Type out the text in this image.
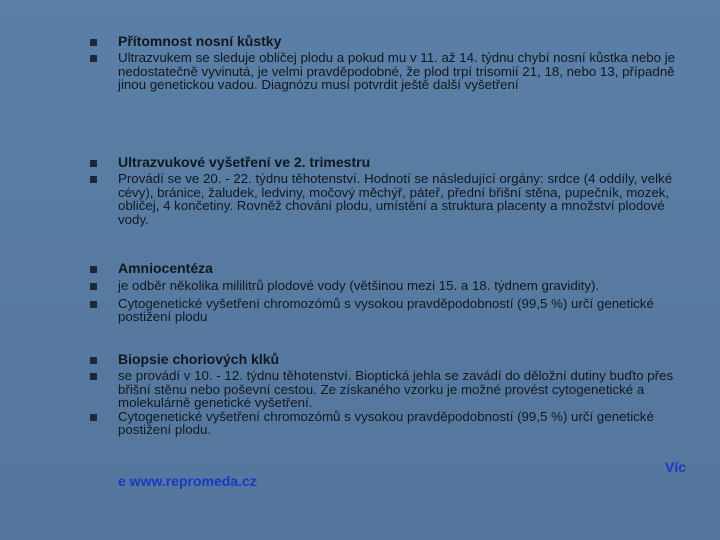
Přítomnost nosní kůstky

Ultrazvukem se sleduje obličej plodu a pokud mu v 11. až 14. týdnu chybí nosní kůstka nebo je nedostatečně vyvinutá, je velmi pravděpodobné, že plod trpí trisomií 21, 18, nebo 13, případně jinou genetickou vadou. Diagnózu musí potvrdit ještě další vyšetření

Ultrazvukové vyšetření ve 2. trimestru

Provádí se ve 20. - 22. týdnu těhotenství. Hodnotí se následující orgány: srdce (4 oddíly, velké cévy), bránice, žaludek, ledviny, močový měchýř, páteř, přední břišní stěna, pupečník, mozek, obličej, 4 končetiny. Rovněž chování plodu, umístění a struktura placenty a množství plodové vody.

Amniocentéza

je odběr několika mililitrů plodové vody (většinou mezi 15. a 18. týdnem gravidity).

Cytogenetické vyšetření chromozómů s vysokou pravděpodobností (99,5 %) určí genetické postižení plodu

Biopsie choriových klků

se provádí v 10. - 12. týdnu těhotenství. Bioptická jehla se zavádí do děložní dutiny buďto přes břišní stěnu nebo poševní cestou. Ze získaného vzorku je možné provést cytogenetické a molekulárně genetické vyšetření.

Cytogenetické vyšetření chromozómů s vysokou pravděpodobností (99,5 %) určí genetické postižení plodu.

Víc
e www.repromeda.cz
